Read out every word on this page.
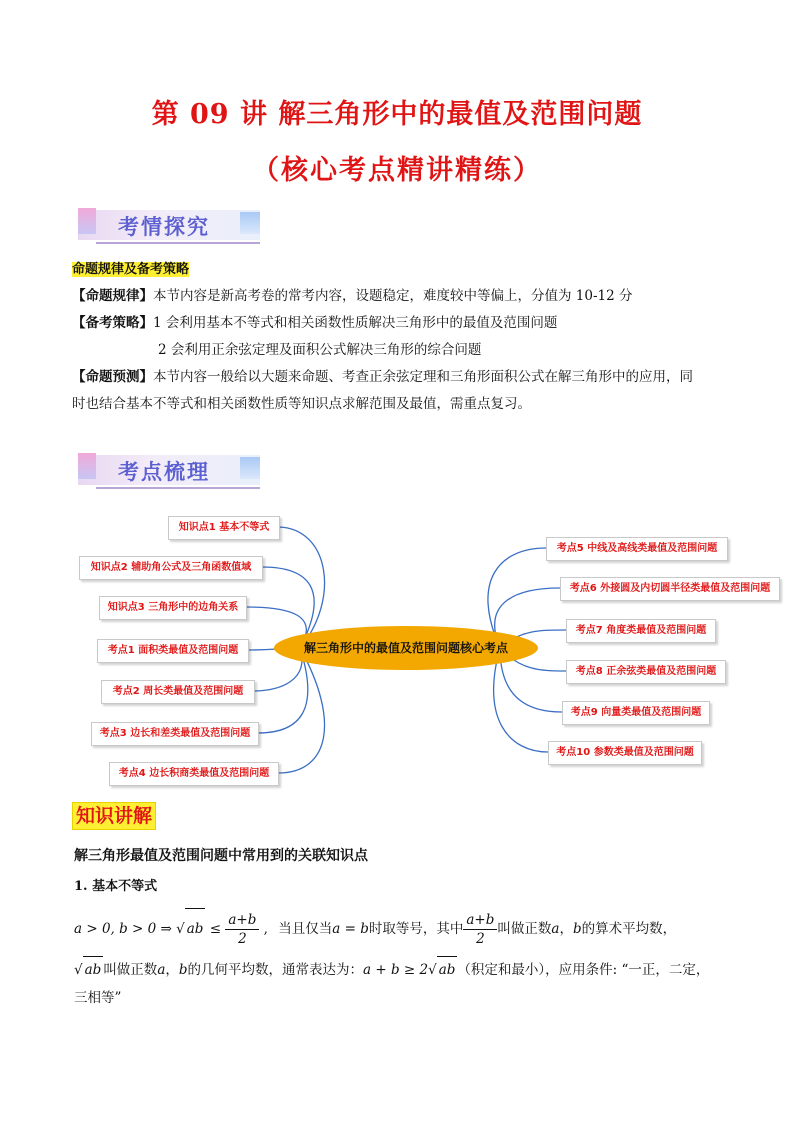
第 09 讲 解三角形中的最值及范围问题
（核心考点精讲精练）
考情探究
命题规律及备考策略
【命题规律】本节内容是新高考卷的常考内容，设题稳定，难度较中等偏上，分值为 10-12 分
【备考策略】1 会利用基本不等式和相关函数性质解决三角形中的最值及范围问题
2 会利用正余弦定理及面积公式解决三角形的综合问题
【命题预测】本节内容一般给以大题来命题、考查正余弦定理和三角形面积公式在解三角形中的应用，同
时也结合基本不等式和相关函数性质等知识点求解范围及最值，需重点复习。
考点梳理
解三角形中的最值及范围问题核心考点
知识点1 基本不等式
知识点2 辅助角公式及三角函数值域
知识点3 三角形中的边角关系
考点1 面积类最值及范围问题
考点2 周长类最值及范围问题
考点3 边长和差类最值及范围问题
考点4 边长积商类最值及范围问题
考点5 中线及高线类最值及范围问题
考点6 外接圆及内切圆半径类最值及范围问题
考点7 角度类最值及范围问题
考点8 正余弦类最值及范围问题
考点9 向量类最值及范围问题
考点10 参数类最值及范围问题
知识讲解
解三角形最值及范围问题中常用到的关联知识点
1. 基本不等式
a > 0, b > 0 ⇒ √ ab ≤ $\frac{a+b}{2}$ , 当且仅当a = b时取等号，其中 $\frac{a+b}{2}$ 叫做正数a，b的算术平均数，
√ ab 叫做正数a，b的几何平均数，通常表达为：a + b ≥ 2√ ab （积定和最小），应用条件: “一正，二定，
三相等”
